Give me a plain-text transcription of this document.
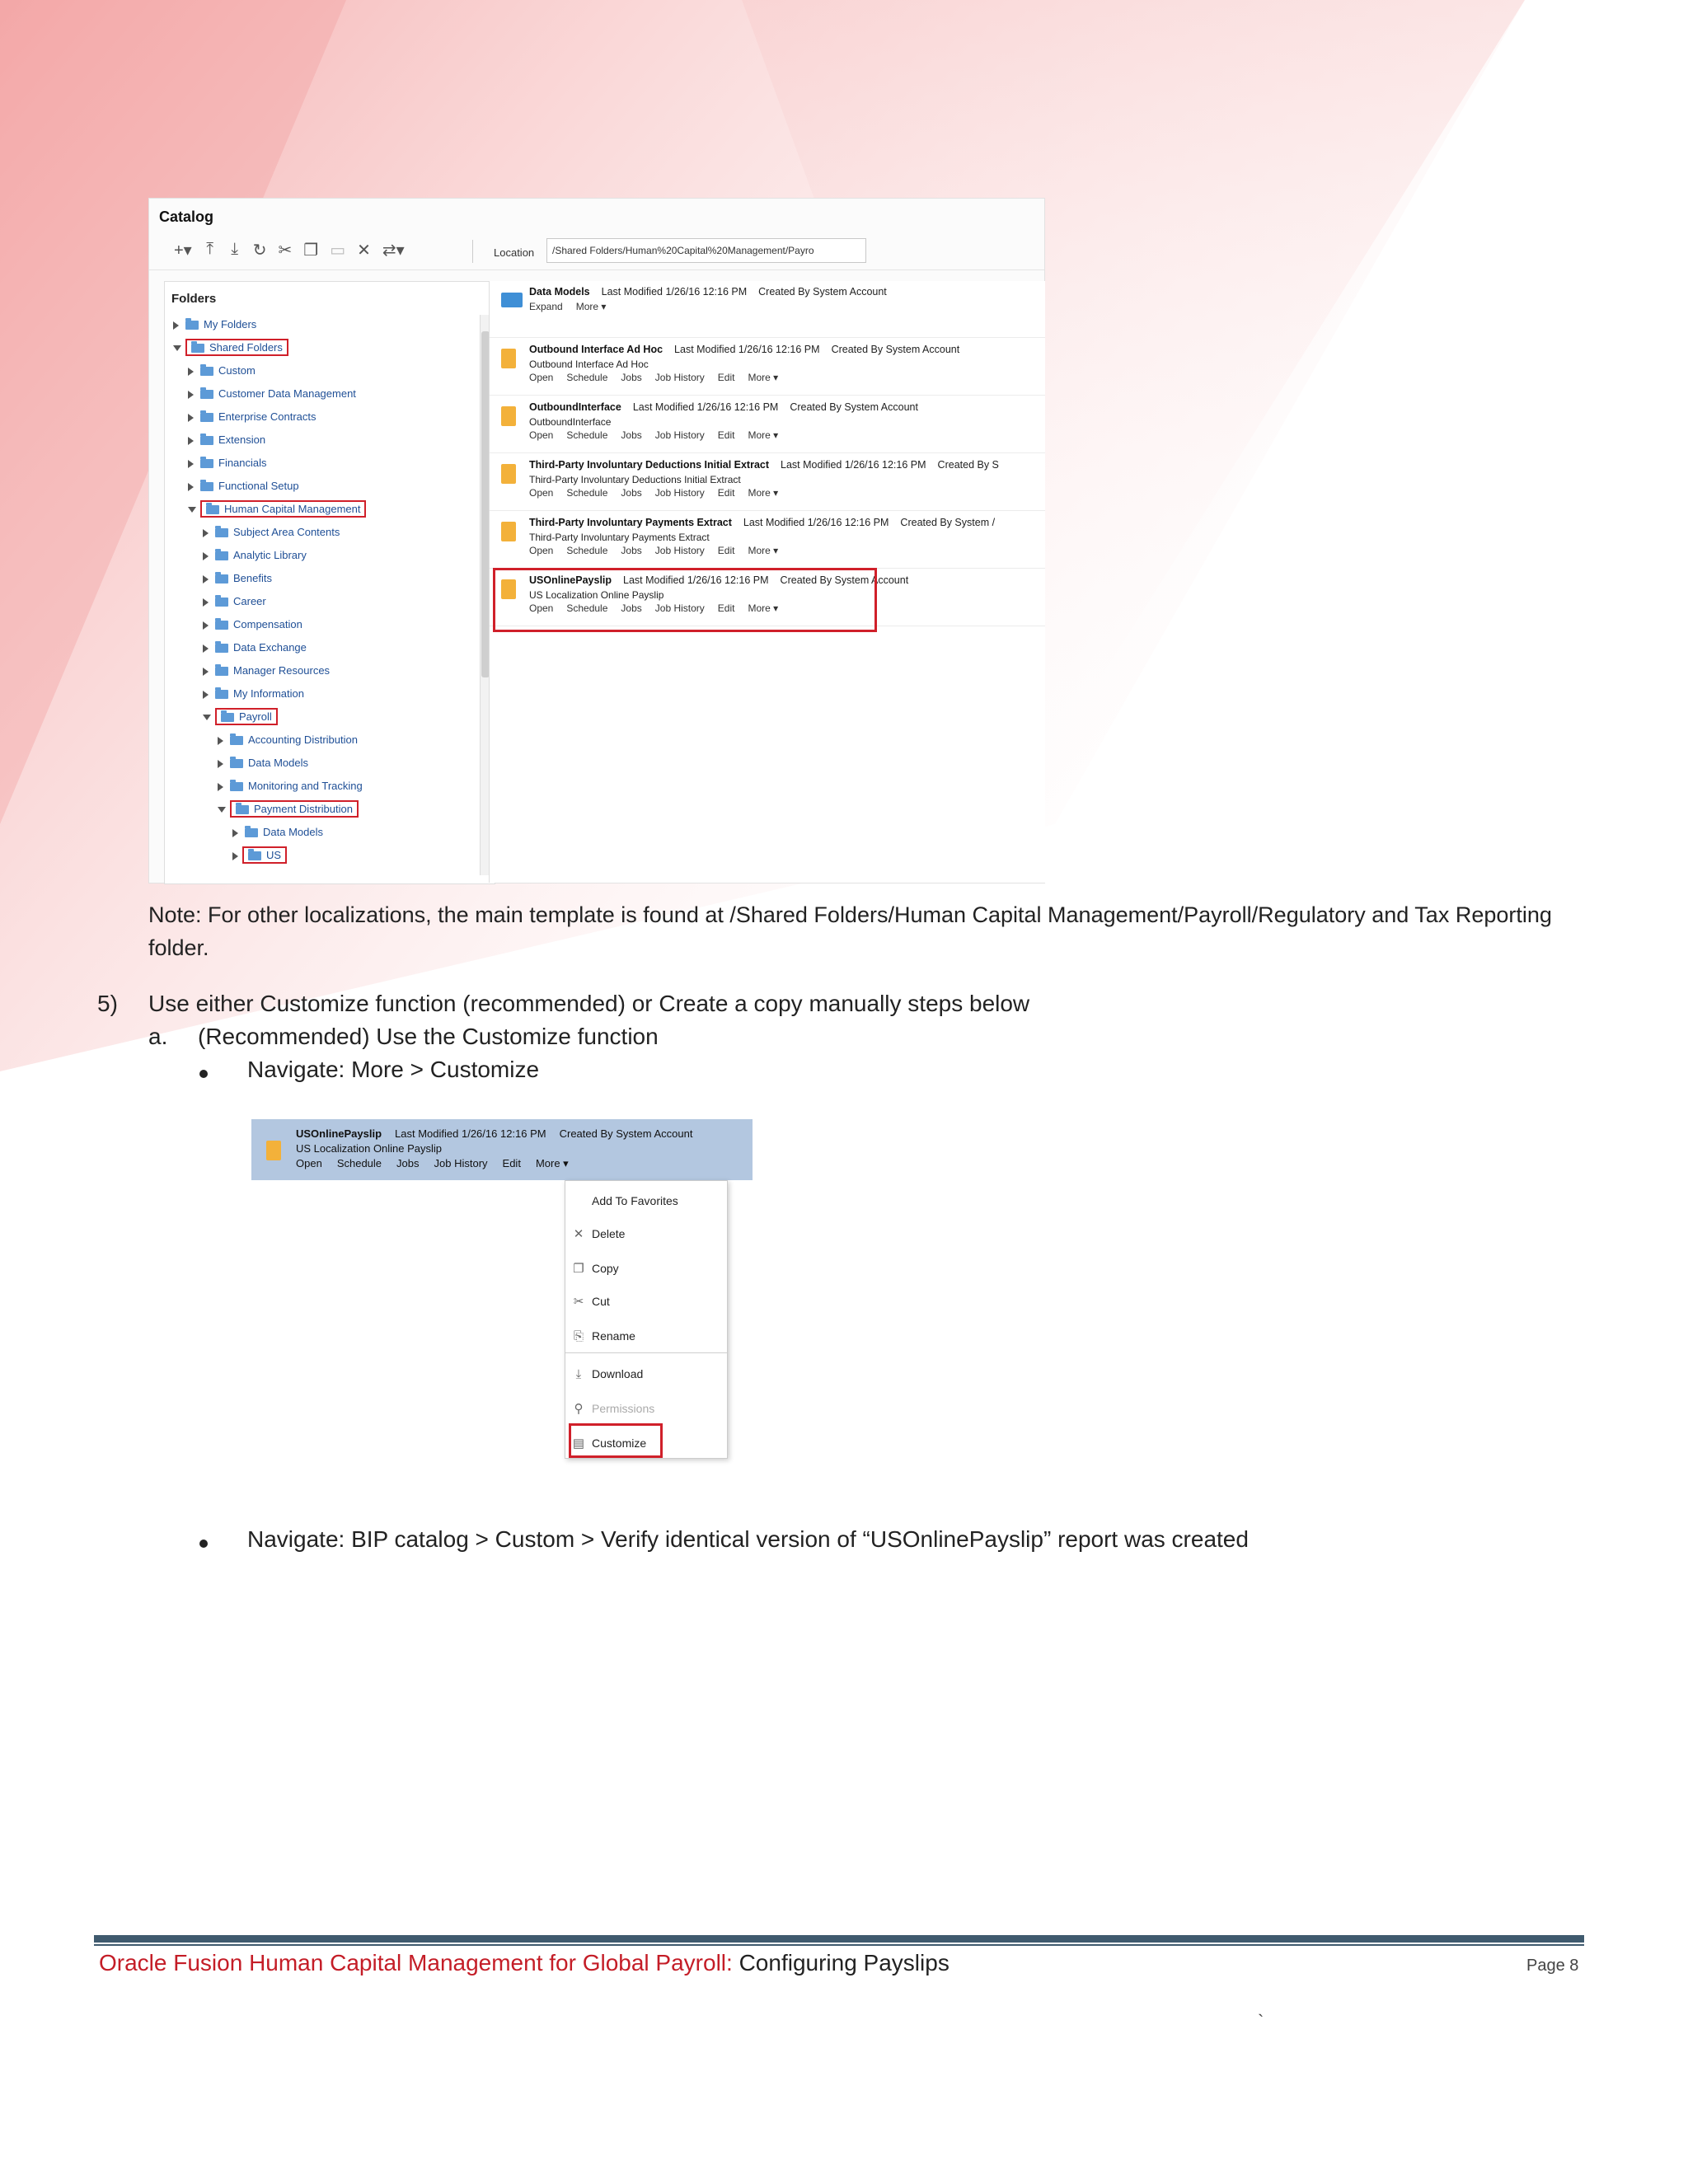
Catalog
+▾ ⤒ ⤓ ↻ ✂ ❐ ▭ ✕ ⇄▾	Location	/Shared Folders/Human%20Capital%20Management/Payro
Folders
My Folders
Shared Folders
Custom
Customer Data Management
Enterprise Contracts
Extension
Financials
Functional Setup
Human Capital Management
Subject Area Contents
Analytic Library
Benefits
Career
Compensation
Data Exchange
Manager Resources
My Information
Payroll
Accounting Distribution
Data Models
Monitoring and Tracking
Payment Distribution
Data Models
US
Data Models Last Modified 1/26/16 12:16 PM Created By System Account
Expand More ▾
Outbound Interface Ad Hoc Last Modified 1/26/16 12:16 PM Created By System Account
Outbound Interface Ad Hoc
Open Schedule Jobs Job History Edit More ▾
OutboundInterface Last Modified 1/26/16 12:16 PM Created By System Account
OutboundInterface
Open Schedule Jobs Job History Edit More ▾
Third-Party Involuntary Deductions Initial Extract Last Modified 1/26/16 12:16 PM Created By S
Third-Party Involuntary Deductions Initial Extract
Open Schedule Jobs Job History Edit More ▾
Third-Party Involuntary Payments Extract Last Modified 1/26/16 12:16 PM Created By System /
Third-Party Involuntary Payments Extract
Open Schedule Jobs Job History Edit More ▾
USOnlinePayslip Last Modified 1/26/16 12:16 PM Created By System Account
US Localization Online Payslip
Open Schedule Jobs Job History Edit More ▾
Note: For other localizations, the main template is found at /Shared Folders/Human Capital Management/Payroll/Regulatory and Tax Reporting folder.
5) Use either Customize function (recommended) or Create a copy manually steps below
a. (Recommended) Use the Customize function
Navigate: More > Customize
USOnlinePayslip Last Modified 1/26/16 12:16 PM Created By System Account
US Localization Online Payslip
Open Schedule Jobs Job History Edit More ▾
Add To Favorites
✕ Delete
❐ Copy
✂ Cut
⎘ Rename
⤓ Download
⚲ Permissions
▤ Customize
Navigate: BIP catalog > Custom > Verify identical version of “USOnlinePayslip” report was created
Oracle Fusion Human Capital Management for Global Payroll: Configuring Payslips	Page 8
`
